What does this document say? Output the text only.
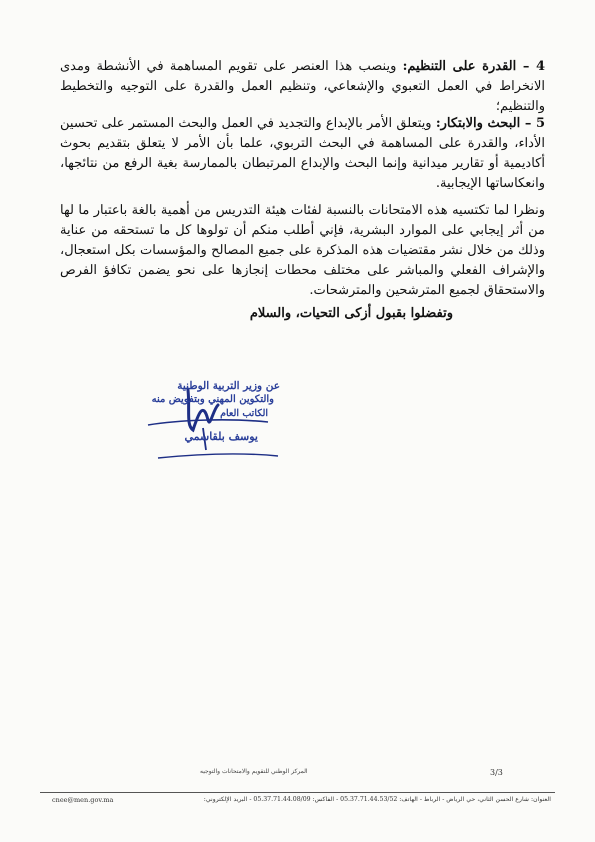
4 – القدرة على التنظيم: وينصب هذا العنصر على تقويم المساهمة في الأنشطة ومدى الانخراط في العمل التعبوي والإشعاعي، وتنظيم العمل والقدرة على التوجيه والتخطيط والتنظيم؛
5 – البحث والابتكار: ويتعلق الأمر بالإبداع والتجديد في العمل والبحث المستمر على تحسين الأداء، والقدرة على المساهمة في البحث التربوي، علما بأن الأمر لا يتعلق بتقديم بحوث أكاديمية أو تقارير ميدانية وإنما البحث والإبداع المرتبطان بالممارسة بغية الرفع من نتائجها، وانعكاساتها الإيجابية.
ونظرا لما تكتسيه هذه الامتحانات بالنسبة لفئات هيئة التدريس من أهمية بالغة باعتبار ما لها من أثر إيجابي على الموارد البشرية، فإني أطلب منكم أن تولوها كل ما تستحقه من عناية وذلك من خلال نشر مقتضيات هذه المذكرة على جميع المصالح والمؤسسات بكل استعجال، والإشراف الفعلي والمباشر على مختلف محطات إنجازها على نحو يضمن تكافؤ الفرص والاستحقاق لجميع المترشحين والمترشحات.
وتفضلوا بقبول أزكى التحيات، والسلام
عن وزير التربية الوطنية
والتكوين المهني وبتفويض منه
الكاتب العام
يوسف بلقاسمي
المركز الوطني للتقويم والامتحانات والتوجيه	3/3
العنوان: شارع الحسن الثاني، حي الرياض - الرباط - الهاتف: 05.37.71.44.53/52 - الفاكس: 05.37.71.44.08/09 - البريد الإلكتروني:
cnee@men.gov.ma
